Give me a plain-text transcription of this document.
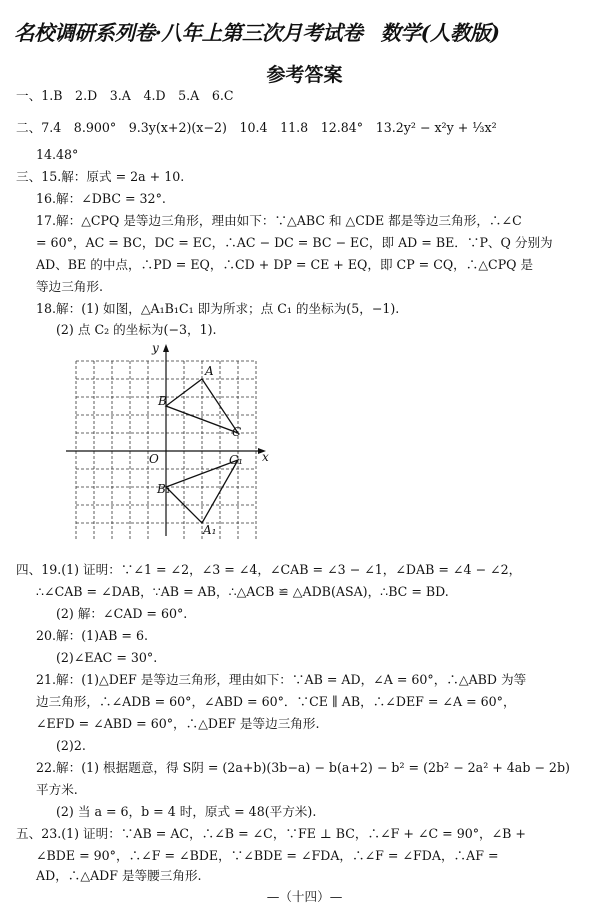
名校调研系列卷·八年上第三次月考试卷 数学(人教版)
参考答案
一、1.B　2.D　3.A　4.D　5.A　6.C
二、7.4　8.900°　9.3y(x+2)(x−2)　10.4　11.8　12.84°　13.2y² − x²y + ⅓x²
14.48°
三、15.解：原式 = 2a + 10.
16.解：∠DBC = 32°.
17.解：△CPQ 是等边三角形，理由如下：∵△ABC 和 △CDE 都是等边三角形，∴∠C
= 60°，AC = BC，DC = EC，∴AC − DC = BC − EC，即 AD = BE．∵P、Q 分别为
AD、BE 的中点，∴PD = EQ，∴CD + DP = CE + EQ，即 CP = CQ，∴△CPQ 是
等边三角形.
18.解：(1) 如图，△A₁B₁C₁ 即为所求；点 C₁ 的坐标为(5，−1).
(2) 点 C₂ 的坐标为(−3，1).
x
y
O
A
B
C
A₁
B₁
C₁
四、19.(1) 证明：∵∠1 = ∠2，∠3 = ∠4，∠CAB = ∠3 − ∠1，∠DAB = ∠4 − ∠2，
∴∠CAB = ∠DAB，∵AB = AB，∴△ACB ≌ △ADB(ASA)，∴BC = BD.
(2) 解：∠CAD = 60°.
20.解：(1)AB = 6.
(2)∠EAC = 30°.
21.解：(1)△DEF 是等边三角形，理由如下：∵AB = AD，∠A = 60°，∴△ABD 为等
边三角形，∴∠ADB = 60°，∠ABD = 60°．∵CE ∥ AB，∴∠DEF = ∠A = 60°，
∠EFD = ∠ABD = 60°，∴△DEF 是等边三角形.
(2)2.
22.解：(1) 根据题意，得 S阴 = (2a+b)(3b−a) − b(a+2) − b² = (2b² − 2a² + 4ab − 2b)
平方米.
(2) 当 a = 6，b = 4 时，原式 = 48(平方米).
五、23.(1) 证明：∵AB = AC，∴∠B = ∠C，∵FE ⊥ BC，∴∠F + ∠C = 90°，∠B +
∠BDE = 90°，∴∠F = ∠BDE，∵∠BDE = ∠FDA，∴∠F = ∠FDA，∴AF =
AD，∴△ADF 是等腰三角形.
—（十四）—
